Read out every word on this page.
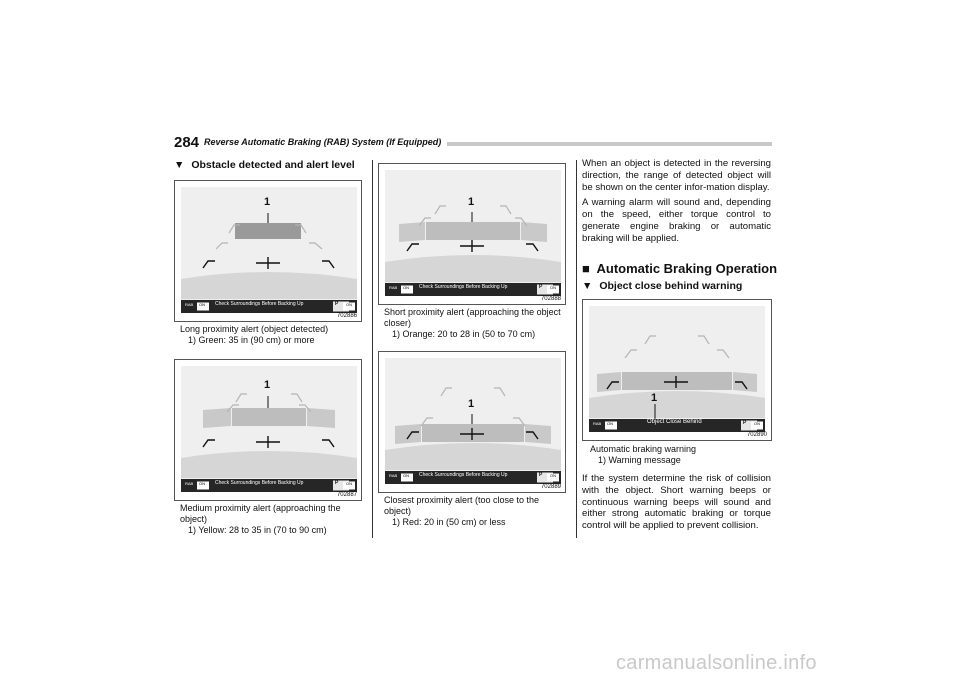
284 Reverse Automatic Braking (RAB) System (If Equipped)
▼ Obstacle detected and alert level
1
RAB ON Check Surroundings Before Backing Up	P ON
702886
Long proximity alert (object detected)
1) Green: 35 in (90 cm) or more
1
RAB ON Check Surroundings Before Backing Up	P ON
702887
Medium proximity alert (approaching the object)
1) Yellow: 28 to 35 in (70 to 90 cm)
1
RAB ON Check Surroundings Before Backing Up	P ON
702888
Short proximity alert (approaching the object closer)
1) Orange: 20 to 28 in (50 to 70 cm)
1
RAB ON Check Surroundings Before Backing Up	P ON
702889
Closest proximity alert (too close to the object)
1) Red: 20 in (50 cm) or less

When an object is detected in the reversing direction, the range of detected object will be shown on the center infor-mation display.

A warning alarm will sound and, depending on the speed, either torque control to generate engine braking or automatic braking will be applied.

■ Automatic Braking Operation
▼ Object close behind warning
1
RAB ON	Object Close Behind	P ON
702890
Automatic braking warning
1) Warning message

If the system determine the risk of collision with the object. Short warning beeps or continuous warning beeps will sound and either strong automatic braking or torque control will be applied to prevent collision.

carmanualsonline.info
